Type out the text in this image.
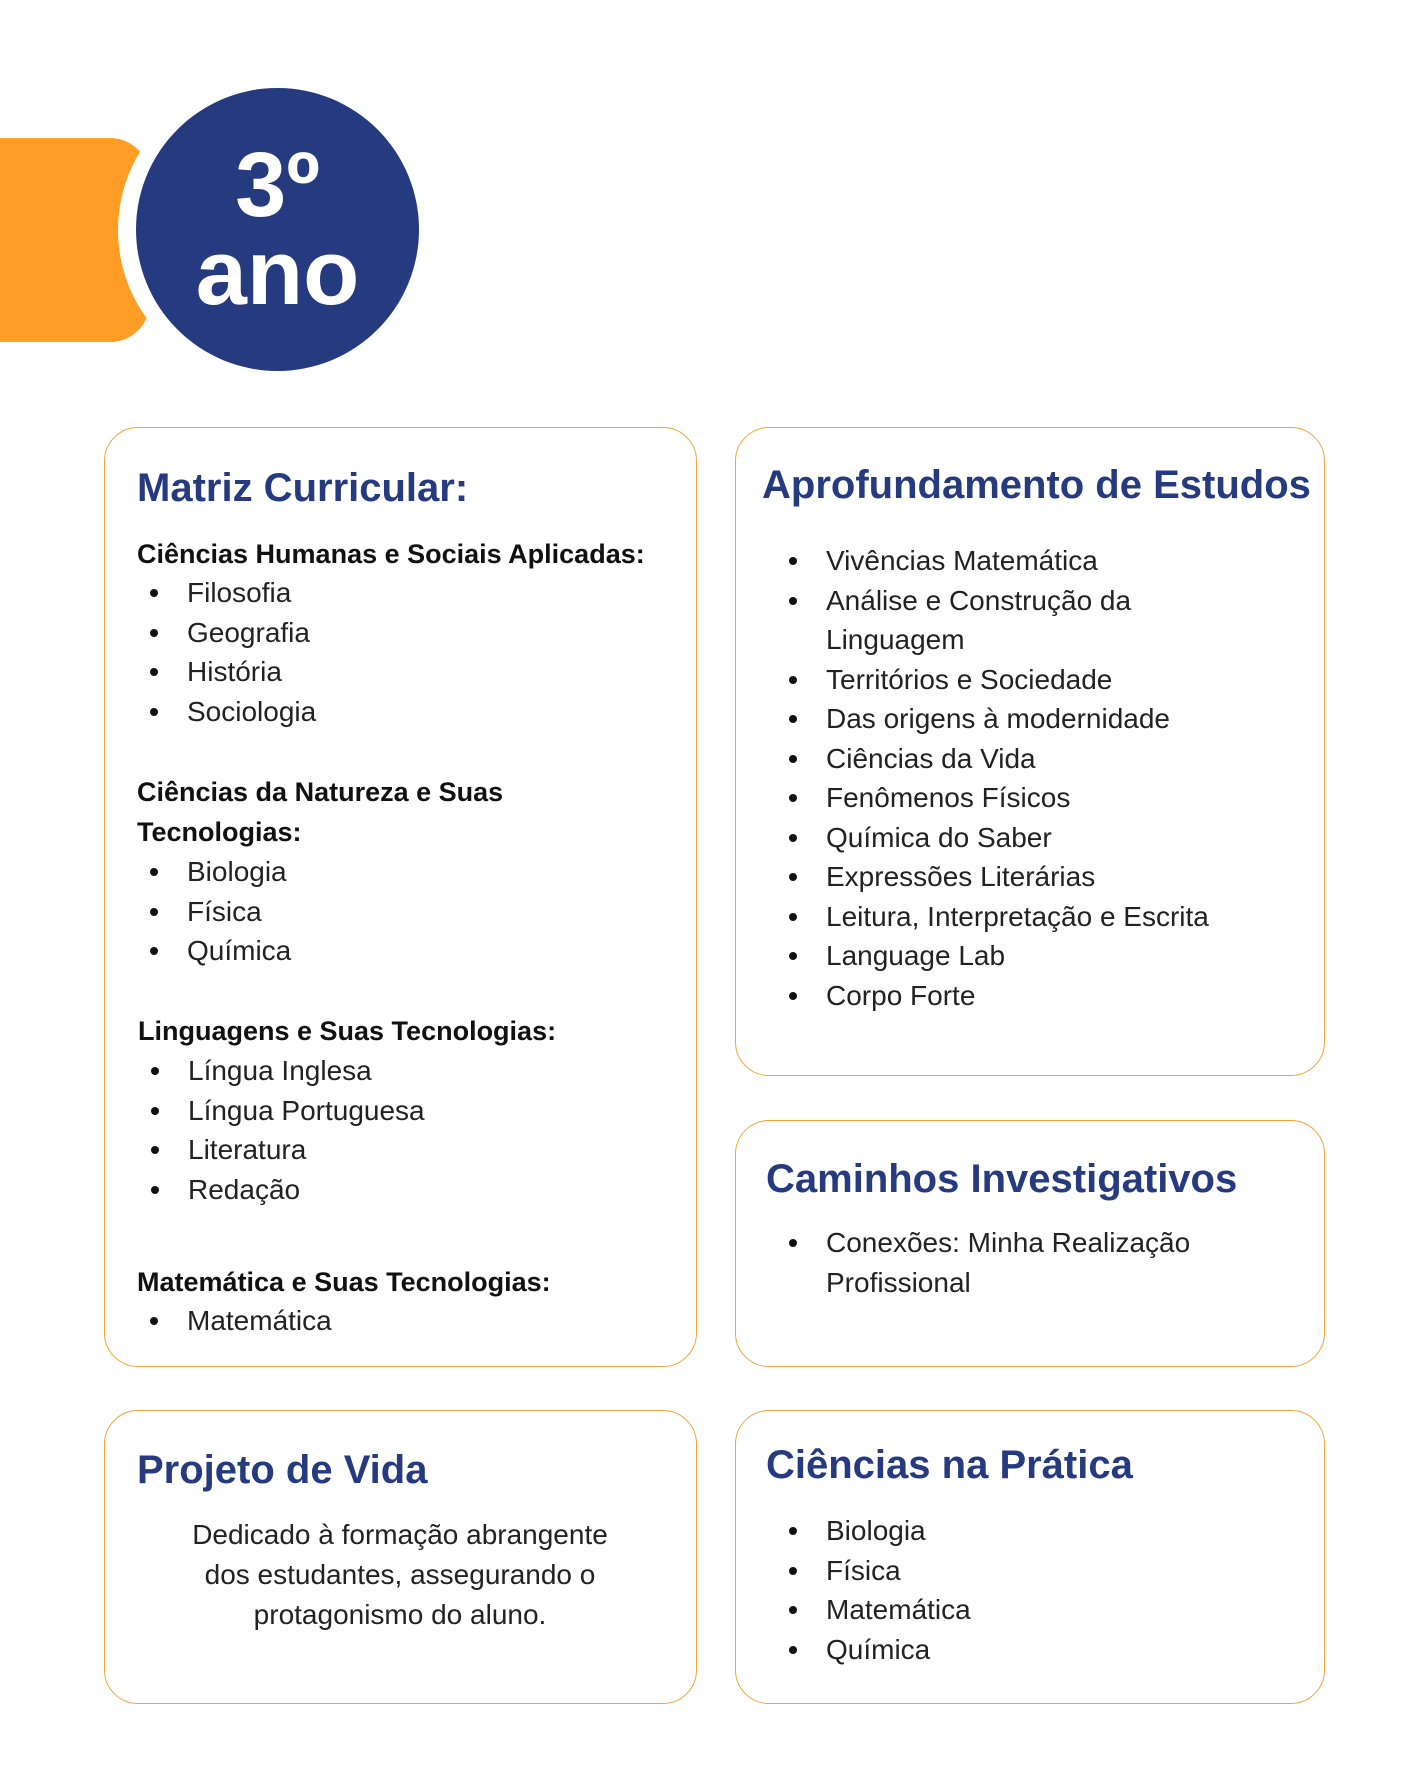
3º
ano
Matriz Curricular:
Ciências Humanas e Sociais Aplicadas:
Filosofia
Geografia
História
Sociologia
Ciências da Natureza e Suas Tecnologias:
Biologia
Física
Química
Linguagens e Suas Tecnologias:
Língua Inglesa
Língua Portuguesa
Literatura
Redação
Matemática e Suas Tecnologias:
Matemática
Aprofundamento de Estudos
Vivências Matemática
Análise e Construção da Linguagem
Territórios e Sociedade
Das origens à modernidade
Ciências da Vida
Fenômenos Físicos
Química do Saber
Expressões Literárias
Leitura, Interpretação e Escrita
Language Lab
Corpo Forte
Caminhos Investigativos
Conexões: Minha Realização Profissional
Projeto de Vida
Dedicado à formação abrangente dos estudantes, assegurando o protagonismo do aluno.
Ciências na Prática
Biologia
Física
Matemática
Química
